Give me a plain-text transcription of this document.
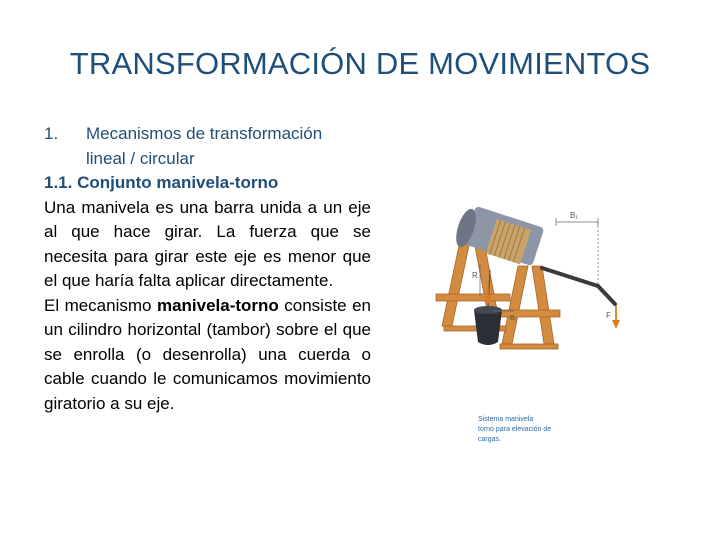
TRANSFORMACIÓN DE MOVIMIENTOS
1.	Mecanismos de transformación
lineal / circular
1.1. Conjunto manivela-torno
Una manivela es una barra unida a un eje al que hace girar. La fuerza que se necesita para girar este eje es menor que el que haría falta aplicar directamente.
El mecanismo manivela-torno consiste en un cilindro horizontal (tambor) sobre el que se enrolla (o desenrolla) una cuerda o cable cuando le comunicamos movimiento giratorio a su eje.
B₁
R
Bᵣ	F
Sistema manivela
torno para elevación de
cargas.
